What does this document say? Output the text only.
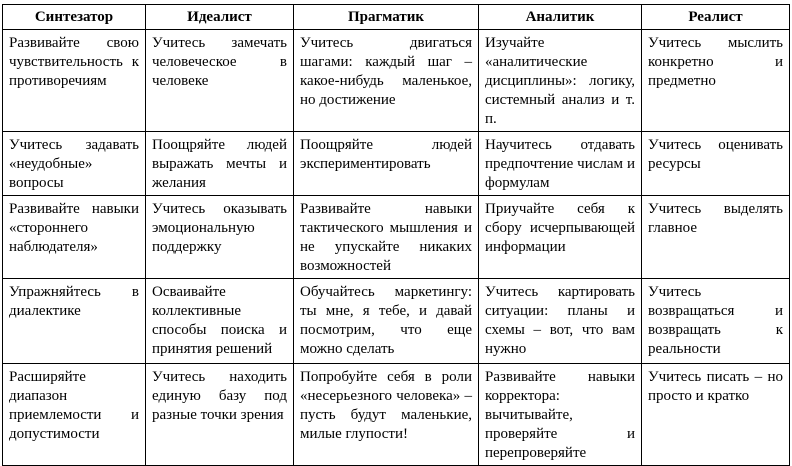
Синтезатор	Идеалист	Прагматик	Аналитик	Реалист
Развивайте свою чувствительность к противоречиям	Учитесь замечать человеческое в человеке	Учитесь двигаться шагами: каждый шаг – какое-нибудь маленькое, но достижение	Изучайте «аналитические дисциплины»: логику, системный анализ и т. п.	Учитесь мыслить конкретно и предметно
Учитесь задавать «неудобные» вопросы	Поощряйте людей выражать мечты и желания	Поощряйте людей экспериментировать	Научитесь отдавать предпочтение числам и формулам	Учитесь оценивать ресурсы
Развивайте навыки «стороннего наблюдателя»	Учитесь оказывать эмоциональную поддержку	Развивайте навыки тактического мышления и не упускайте никаких возможностей	Приучайте себя к сбору исчерпывающей информации	Учитесь выделять главное
Упражняйтесь в диалектике	Осваивайте коллективные способы поиска и принятия решений	Обучайтесь маркетингу: ты мне, я тебе, и давай посмотрим, что еще можно сделать	Учитесь картировать ситуации: планы и схемы – вот, что вам нужно	Учитесь возвращаться и возвращать к реальности
Расширяйте диапазон приемлемости и допустимости	Учитесь находить единую базу под разные точки зрения	Попробуйте себя в роли «несерьезного человека» – пусть будут маленькие, милые глупости!	Развивайте навыки корректора: вычитывайте, проверяйте и перепроверяйте	Учитесь писать – но просто и кратко
